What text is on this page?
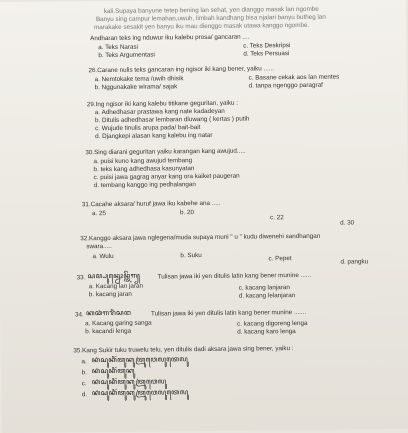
kali.Supaya banyune tetep bening lan sehat, yen dianggo masak lan ngombe
Banyu sing campur lemahan,uwuh, limbah kandhang bisa njalari banyu butheg lan
marakake sesakit yen banyu iku mau dienggo masak utawa kanggo ngombe.
Andharan teks ing nduwur iku kalebu prosa/ gancaran ....
a. Teks Narasi	c. Teks Deskripsi
b. Teks Argumentasi	d. Teks Persuasi
26.Carane nulis teks gancaran ing ngisor iki kang bener, yaiku ......
a. Nemtokake tema /uwih dhisik	c. Basane cekak aos lan mentes
b. Nggunakake wirama/ sajak	d. tanpa ngenggo paragraf
29.Ing ngisor iki kang kalebu titikane geguritan, yaiku :
a. Adhedhasar prastawa kang nate kadadeyan
b. Ditulis adhedhasar lembaran dluwang ( kertas ) putih
c. Wujude tinulis arupa pada/ bait-bait
d. Djangkepi alasan kang kalebu ing natar
30.Sing diarani geguritan yaiku karangan kang awujud.....
a. puisi kuno kang awujud tembang
b. teks kang adhedhasa kasunyatan
c. puisi jawa gagrag anyar kang ora kaiket paugeran
d. tembang kanggo ing pedhalangan
31.Cacahe aksara/ huruf jawa iku kabehe ana .....
a. 25	b. 20
c. 22
d. 30
32.Kanggo aksara jawa nglegena/muda supaya muni " u " kudu diwenehi sandhangan
swara.....
a. Wulu	b. Suku	c. Pepet	d. pangku
33. ꦱꦩ꧀ꦥꦸꦤ꧀ꦤꦺꦴꦤ꧀ꦠꦼꦒ꧀	Tulisan jawa iki yen ditulis latin kang bener munine ......
a. Kacang lan jaran	c. kacang lanjaran
b. kacang jaran	d. kacang lelanjaran
34. ꦏꦕꦁꦒꦫꦶꦁꦱꦔ	Tulisan jawa iki yen ditulis latin kang bener munine .......
a. Kacang garing sanga	c. kacang digoreng lenga
b. kacandi lenga	d. kacang karo lenga
35.Kang Sukir tuku truwelu telu, yen ditulis dadi aksara jawa sing bener, yaiku :
a. ꦏꦁꦱꦸꦏꦶꦂꦠꦸꦏꦸꦠꦿꦸꦮꦺꦭꦸꦠꦺꦭꦸ
b. ꦏꦁꦱꦸꦏꦶꦂꦠꦸꦏꦸ
c. ꦏꦁꦱꦸꦏꦶꦂꦠꦸꦏꦸꦠꦿꦸꦮꦺꦭꦸ
d. ꦏꦁꦱꦸꦏꦶꦂꦠꦸꦏꦸꦠꦿꦸꦮꦺꦭꦸꦠꦺꦭꦸ
